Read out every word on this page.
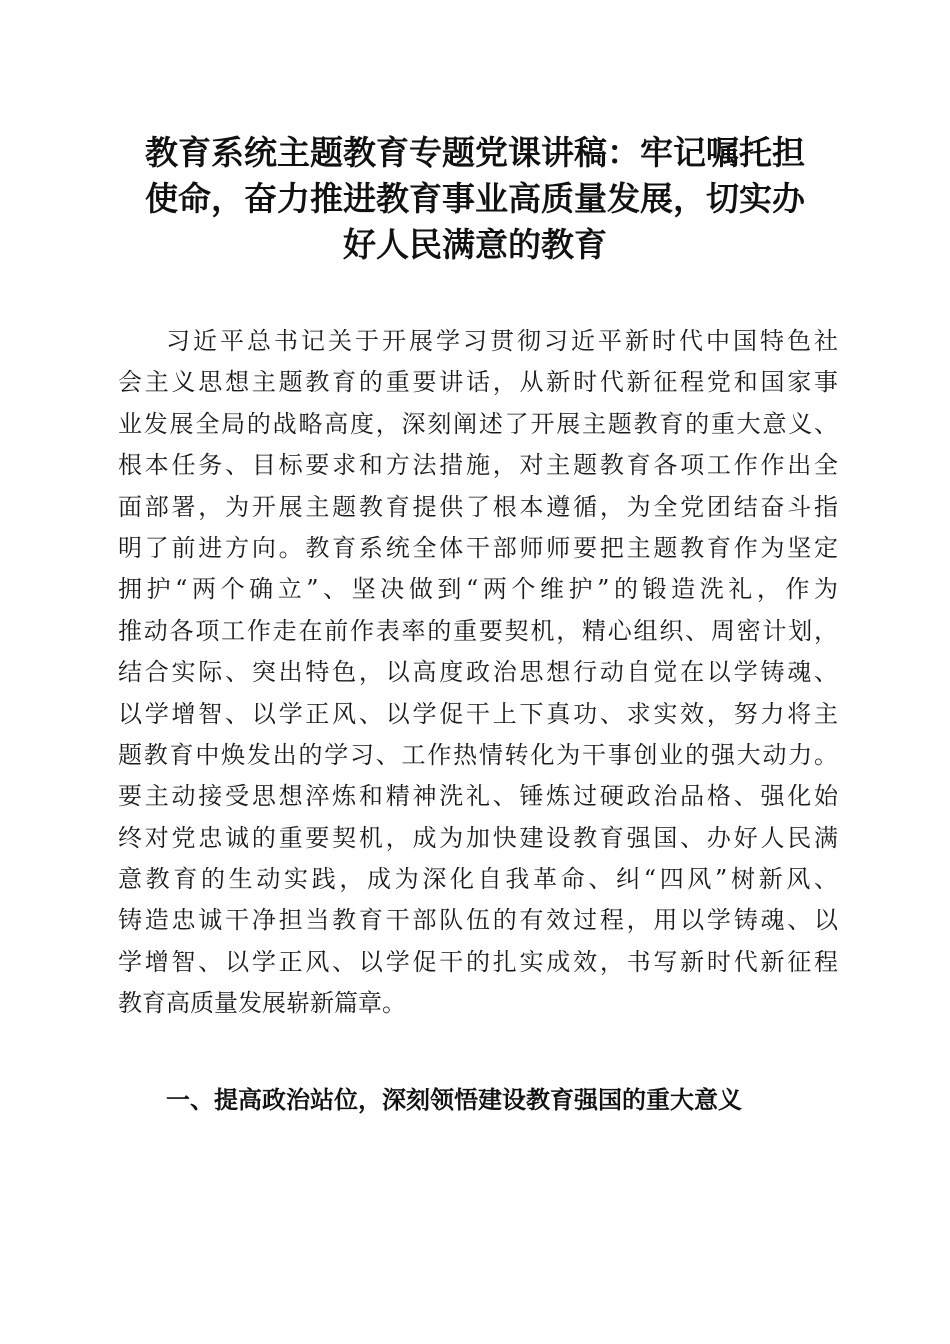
教育系统主题教育专题党课讲稿：牢记嘱托担
使命，奋力推进教育事业高质量发展，切实办
好人民满意的教育
习近平总书记关于开展学习贯彻习近平新时代中国特色社
会主义思想主题教育的重要讲话，从新时代新征程党和国家事
业发展全局的战略高度，深刻阐述了开展主题教育的重大意义、
根本任务、目标要求和方法措施，对主题教育各项工作作出全
面部署，为开展主题教育提供了根本遵循，为全党团结奋斗指
明了前进方向。教育系统全体干部师师要把主题教育作为坚定
拥护“两个确立”、坚决做到“两个维护”的锻造洗礼，作为
推动各项工作走在前作表率的重要契机，精心组织、周密计划，
结合实际、突出特色，以高度政治思想行动自觉在以学铸魂、
以学增智、以学正风、以学促干上下真功、求实效，努力将主
题教育中焕发出的学习、工作热情转化为干事创业的强大动力。
要主动接受思想淬炼和精神洗礼、锤炼过硬政治品格、强化始
终对党忠诚的重要契机，成为加快建设教育强国、办好人民满
意教育的生动实践，成为深化自我革命、纠“四风”树新风、
铸造忠诚干净担当教育干部队伍的有效过程，用以学铸魂、以
学增智、以学正风、以学促干的扎实成效，书写新时代新征程
教育高质量发展崭新篇章。
一、提高政治站位，深刻领悟建设教育强国的重大意义
